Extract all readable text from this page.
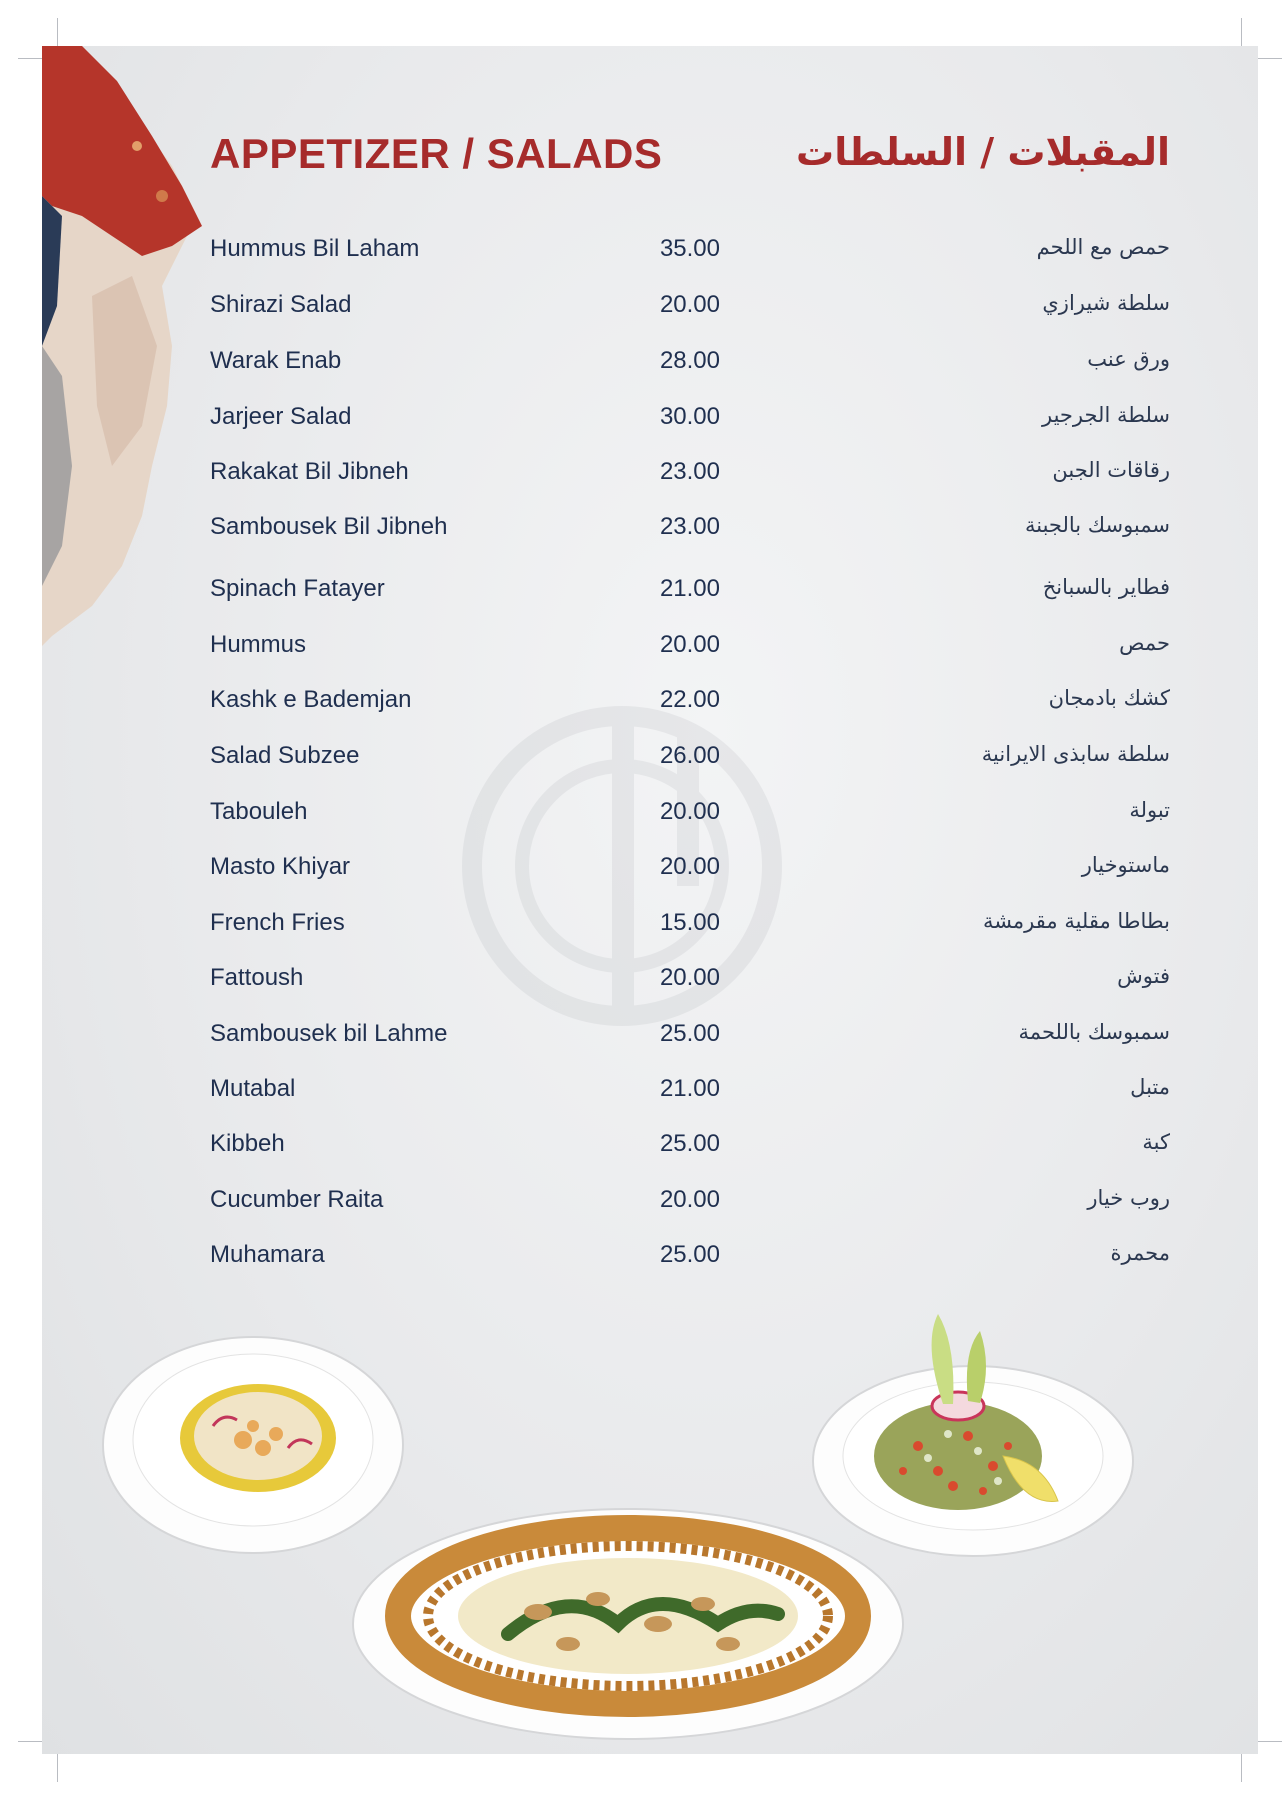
APPETIZER / SALADS	المقبلات / السلطات
Hummus Bil Laham	35.00	حمص مع اللحم
Shirazi Salad	20.00	سلطة شيرازي
Warak Enab	28.00	ورق عنب
Jarjeer Salad	30.00	سلطة الجرجير
Rakakat Bil Jibneh	23.00	رقاقات الجبن
Sambousek Bil Jibneh	23.00	سمبوسك بالجبنة
Spinach Fatayer	21.00	فطاير بالسبانخ
Hummus	20.00	حمص
Kashk e Bademjan	22.00	كشك بادمجان
Salad Subzee	26.00	سلطة سابذى الايرانية
Tabouleh	20.00	تبولة
Masto Khiyar	20.00	ماستوخيار
French Fries	15.00	بطاطا مقلية مقرمشة
Fattoush	20.00	فتوش
Sambousek bil Lahme	25.00	سمبوسك باللحمة
Mutabal	21.00	متبل
Kibbeh	25.00	كبة
Cucumber Raita	20.00	روب خيار
Muhamara	25.00	محمرة
